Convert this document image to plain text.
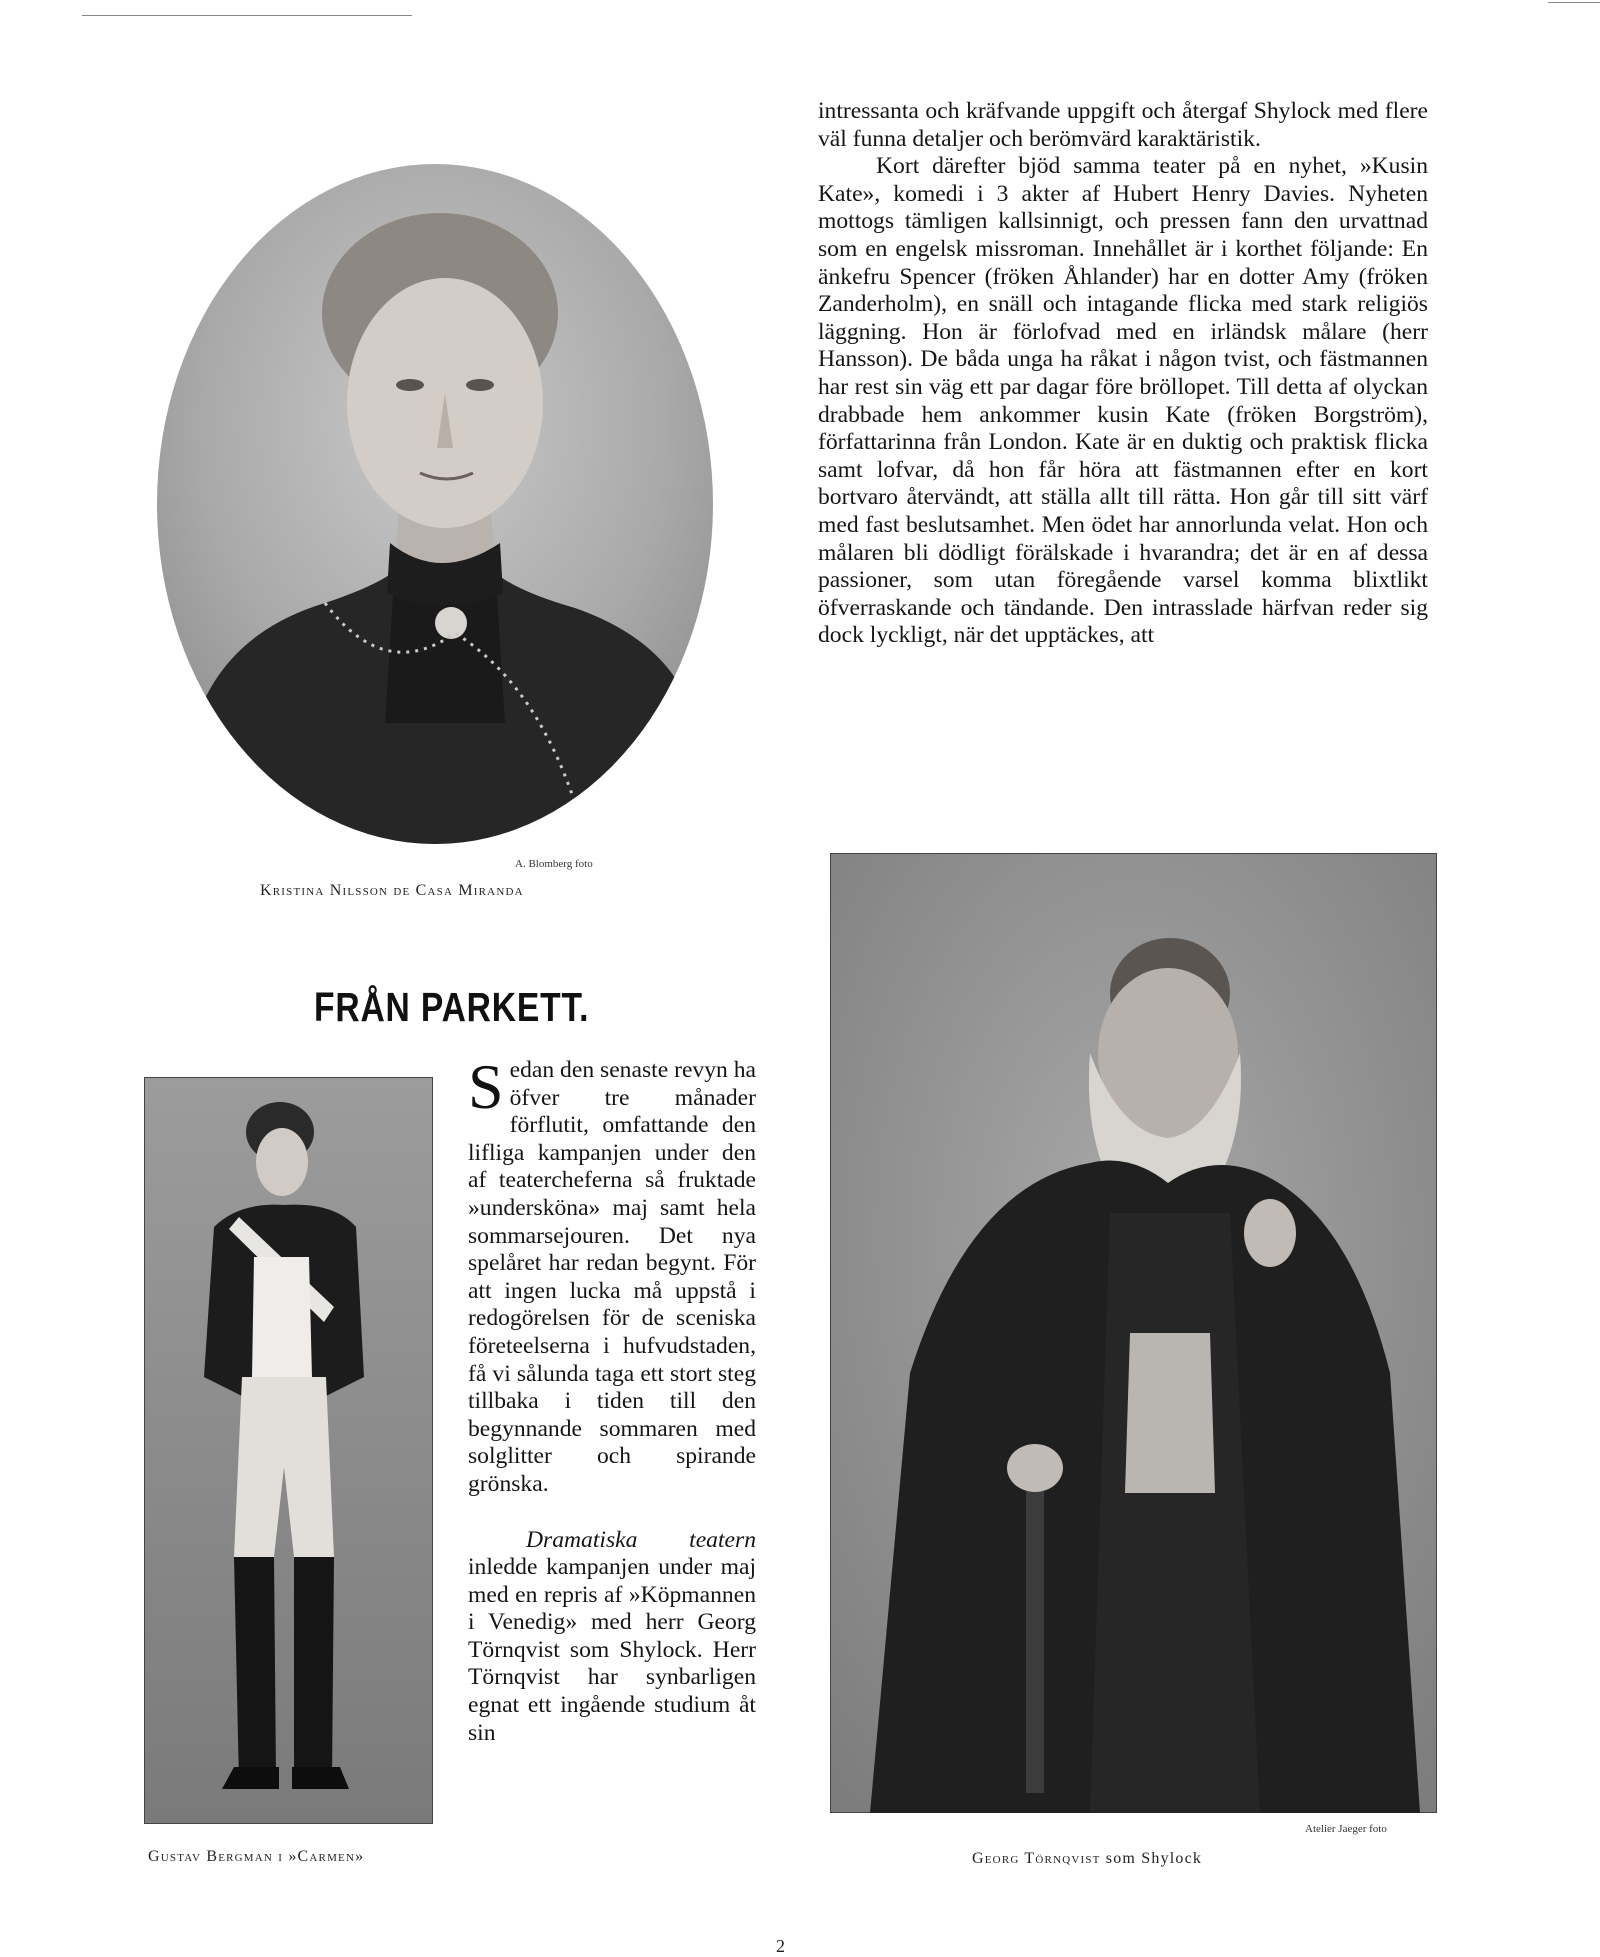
A. Blomberg foto
Kristina Nilsson de Casa Miranda

intressanta och kräfvande uppgift och återgaf Shylock med flere väl funna detaljer och berömvärd karaktäristik.

Kort därefter bjöd samma teater på en nyhet, »Kusin Kate», komedi i 3 akter af Hubert Henry Davies. Nyheten mottogs tämligen kallsinnigt, och pressen fann den urvattnad som en engelsk missroman. Innehållet är i korthet följande: En änkefru Spencer (fröken Åhlander) har en dotter Amy (fröken Zanderholm), en snäll och intagande flicka med stark religiös läggning. Hon är förlofvad med en irländsk målare (herr Hansson). De båda unga ha råkat i någon tvist, och fästmannen har rest sin väg ett par dagar före bröllopet. Till detta af olyckan drabbade hem ankommer kusin Kate (fröken Borgström), författarinna från London. Kate är en duktig och praktisk flicka samt lofvar, då hon får höra att fästmannen efter en kort bortvaro återvändt, att ställa allt till rätta. Hon går till sitt värf med fast beslutsamhet. Men ödet har annorlunda velat. Hon och målaren bli dödligt förälskade i hvarandra; det är en af dessa passioner, som utan föregående varsel komma blixtlikt öfverraskande och tändande. Den intrasslade härfvan reder sig dock lyckligt, när det upptäckes, att

FRÅN PARKETT.
Gustav Bergman i »Carmen»

Sedan den senaste revyn ha öfver tre månader förflutit, omfattande den lifliga kampanjen under den af teatercheferna så fruktade »undersköna» maj samt hela sommarsejouren. Det nya spelåret har redan begynt. För att ingen lucka må uppstå i redogörelsen för de sceniska företeelserna i hufvudstaden, få vi sålunda taga ett stort steg tillbaka i tiden till den begynnande sommaren med solglitter och spirande grönska.

Dramatiska teatern inledde kampanjen under maj med en repris af »Köpmannen i Venedig» med herr Georg Törnqvist som Shylock. Herr Törnqvist har synbarligen egnat ett ingående studium åt sin

Atelier Jaeger foto
Georg Törnqvist som Shylock
2
